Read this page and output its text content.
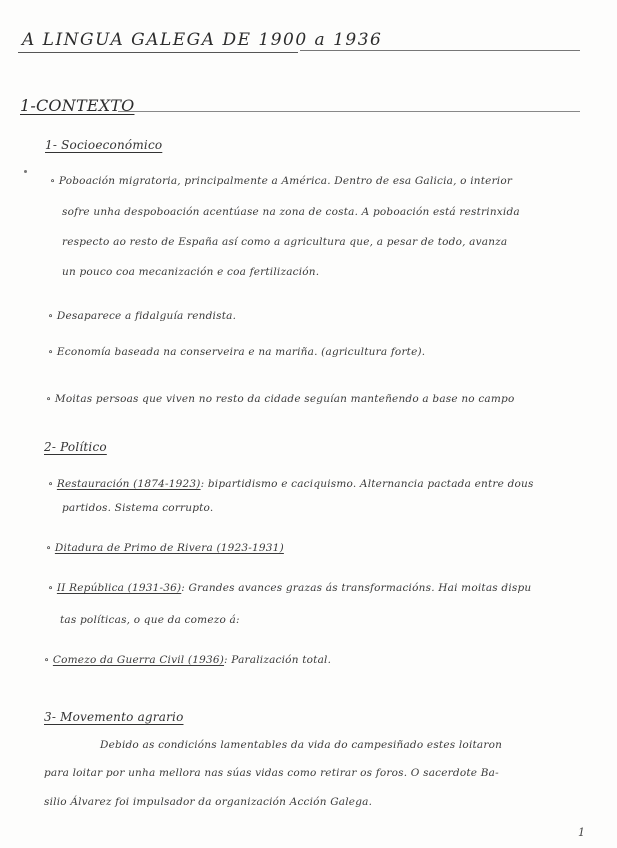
A LINGUA GALEGA DE 1900 a 1936
1-CONTEXTO
1- Socioeconómico
∘ Poboación migratoria, principalmente a América. Dentro de esa Galicia, o interior
sofre unha despoboación acentúase na zona de costa. A poboación está restrinxida
respecto ao resto de España así como a agricultura que, a pesar de todo, avanza
un pouco coa mecanización e coa fertilización.
∘ Desaparece a fidalguía rendista.
∘ Economía baseada na conserveira e na mariña. (agricultura forte).
∘ Moitas persoas que viven no resto da cidade seguían manteñendo a base no campo
2- Político
∘ Restauración (1874-1923): bipartidismo e caciquismo. Alternancia pactada entre dous
partidos. Sistema corrupto.
∘ Ditadura de Primo de Rivera (1923-1931)
∘ II República (1931-36): Grandes avances grazas ás transformacións. Hai moitas dispu
tas políticas, o que da comezo á:
∘ Comezo da Guerra Civil (1936): Paralización total.
3- Movemento agrario
Debido as condicións lamentables da vida do campesiñado estes loitaron
para loitar por unha mellora nas súas vidas como retirar os foros. O sacerdote Ba-
silio Álvarez foi impulsador da organización Acción Galega.
1
